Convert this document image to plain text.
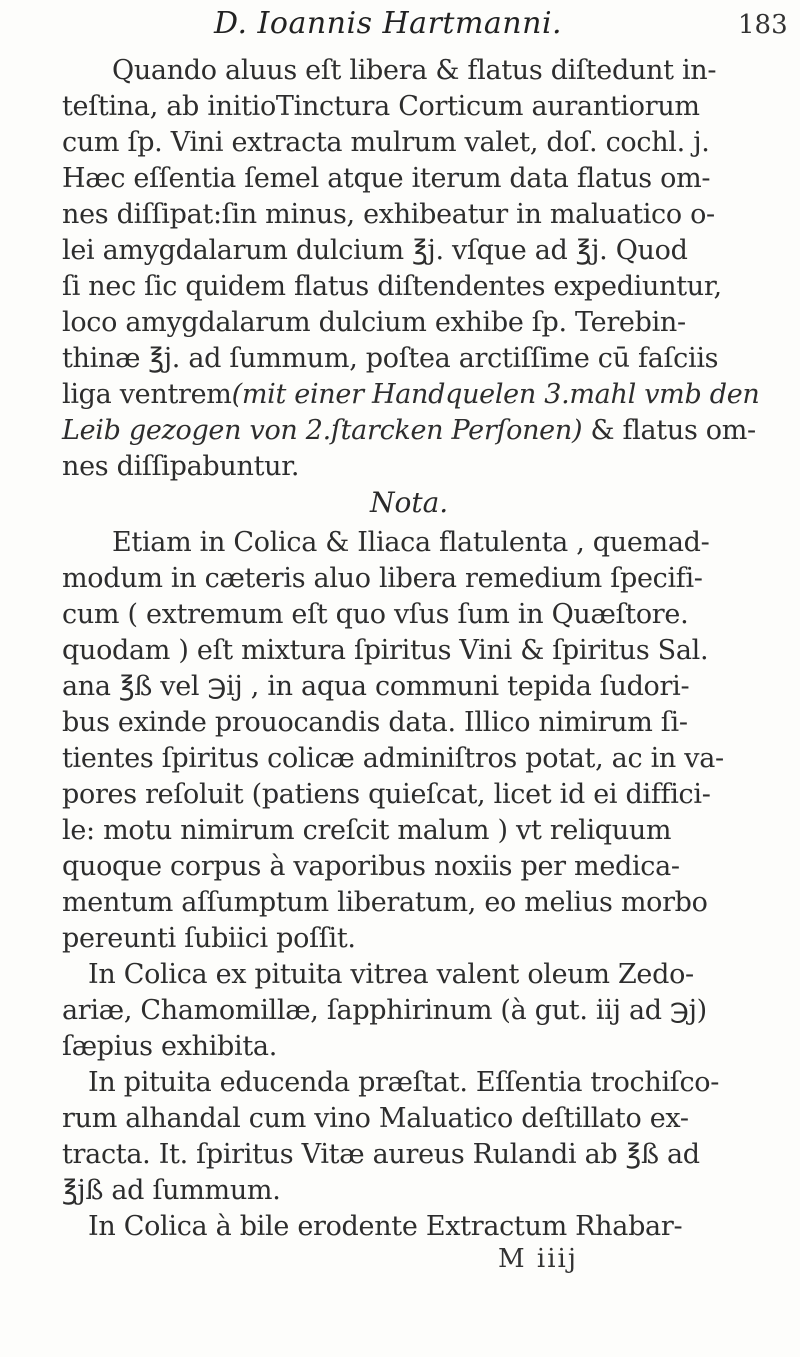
D. Ioannis Hartmanni.	183
Quando aluus eſt libera & flatus diſtedunt in-
teſtina, ab initioTinctura Corticum aurantiorum
cum ſp. Vini extracta mulrum valet, doſ. cochl. j.
Hæc eſſentia ſemel atque iterum data flatus om-
nes diſſipat:ſin minus, exhibeatur in maluatico o-
lei amygdalarum dulcium ℥j. vſque ad ℥j. Quod
ſi nec ſic quidem flatus diſtendentes expediuntur,
loco amygdalarum dulcium exhibe ſp. Terebin-
thinæ ℥j. ad ſummum, poſtea arctiſſime cū faſciis
liga ventrem(mit einer Handquelen 3.mahl vmb den
Leib gezogen von 2.ſtarcken Perſonen) & flatus om-
nes diſſipabuntur.
Nota.
Etiam in Colica & Iliaca flatulenta , quemad-
modum in cæteris aluo libera remedium ſpecifi-
cum ( extremum eſt quo vſus ſum in Quæſtore.
quodam ) eſt mixtura ſpiritus Vini & ſpiritus Sal.
ana ℥ß vel ℈ij , in aqua communi tepida ſudori-
bus exinde prouocandis data. Illico nimirum ſi-
tientes ſpiritus colicæ adminiſtros potat, ac in va-
pores reſoluit (patiens quieſcat, licet id ei diffici-
le: motu nimirum creſcit malum ) vt reliquum
quoque corpus à vaporibus noxiis per medica-
mentum aſſumptum liberatum, eo melius morbo
pereunti ſubiici poſſit.
In Colica ex pituita vitrea valent oleum Zedo-
ariæ, Chamomillæ, ſapphirinum (à gut. iij ad ℈j)
ſæpius exhibita.
In pituita educenda præſtat. Eſſentia trochiſco-
rum alhandal cum vino Maluatico deſtillato ex-
tracta. It. ſpiritus Vitæ aureus Rulandi ab ℥ß ad
℥jß ad ſummum.
In Colica à bile erodente Extractum Rhabar-
M iiij
